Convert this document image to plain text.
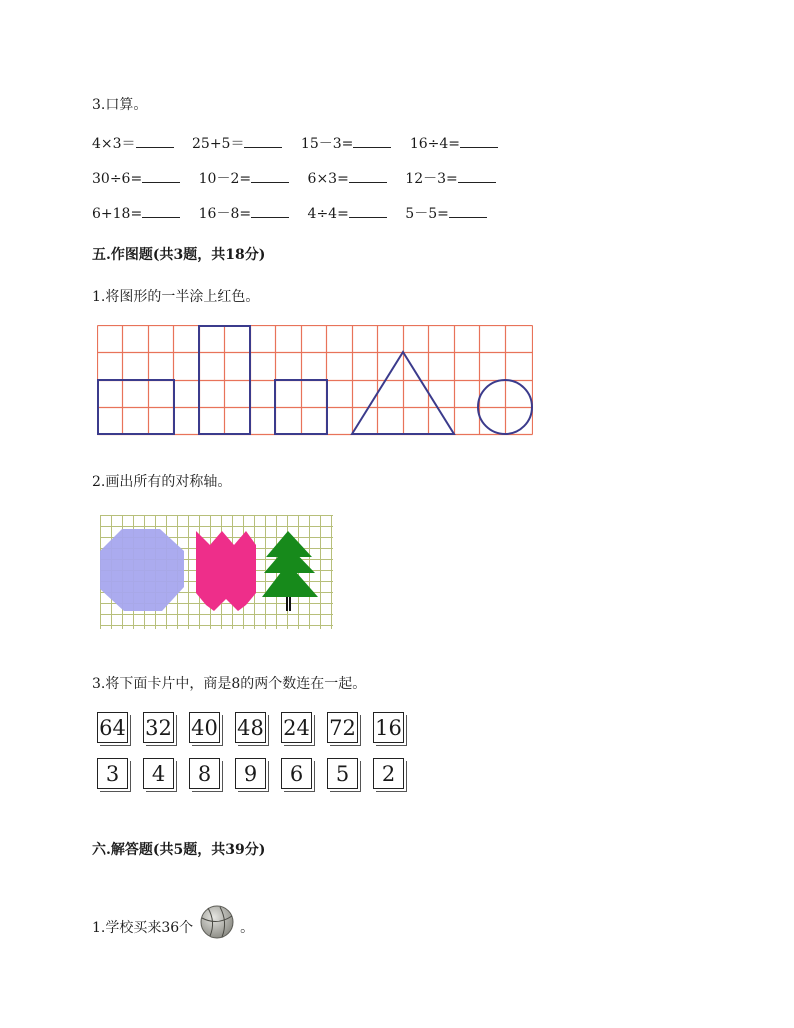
3.口算。
4×3＝	25+5＝	15－3=	16÷4=
30÷6=	10－2=	6×3=	12－3=
6+18=	16－8=	4÷4=	5－5=
五.作图题(共3题，共18分)
1.将图形的一半涂上红色。
2.画出所有的对称轴。
3.将下面卡片中，商是8的两个数连在一起。
64 32 40 48 24 72 16
3	4	8	9	6	5	2
六.解答题(共5题，共39分)
1.学校买来36个	。
